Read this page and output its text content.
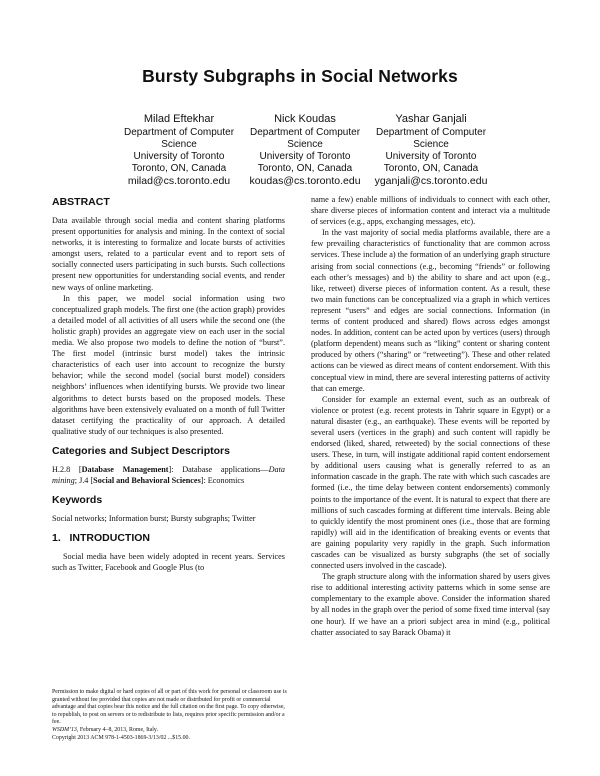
Bursty Subgraphs in Social Networks
Milad Eftekhar
Department of Computer
Science
University of Toronto
Toronto, ON, Canada
milad@cs.toronto.edu
Nick Koudas
Department of Computer
Science
University of Toronto
Toronto, ON, Canada
koudas@cs.toronto.edu
Yashar Ganjali
Department of Computer
Science
University of Toronto
Toronto, ON, Canada
yganjali@cs.toronto.edu
ABSTRACT

Data available through social media and content sharing platforms present opportunities for analysis and mining. In the context of social networks, it is interesting to formalize and locate bursts of activities amongst users, related to a particular event and to report sets of socially connected users participating in such bursts. Such collections present new opportunities for understanding social events, and render new ways of online marketing.

In this paper, we model social information using two conceptualized graph models. The first one (the action graph) provides a detailed model of all activities of all users while the second one (the holistic graph) provides an aggregate view on each user in the social media. We also propose two models to define the notion of “burst”. The first model (intrinsic burst model) takes the intrinsic characteristics of each user into account to recognize the bursty behavior; while the second model (social burst model) considers neighbors’ influences when identifying bursts. We provide two linear algorithms to detect bursts based on the proposed models. These algorithms have been extensively evaluated on a month of full Twitter dataset certifying the practicality of our approach. A detailed qualitative study of our techniques is also presented.

Categories and Subject Descriptors

H.2.8 [Database Management]: Database applications—Data mining; J.4 [Social and Behavioral Sciences]: Economics

Keywords

Social networks; Information burst; Bursty subgraphs; Twitter

1.   INTRODUCTION

Social media have been widely adopted in recent years. Services such as Twitter, Facebook and Google Plus (to

Permission to make digital or hard copies of all or part of this work for personal or classroom use is granted without fee provided that copies are not made or distributed for profit or commercial advantage and that copies bear this notice and the full citation on the first page. To copy otherwise, to republish, to post on servers or to redistribute to lists, requires prior specific permission and/or a fee.

WSDM’13, February 4–8, 2013, Rome, Italy.

Copyright 2013 ACM 978-1-4503-1869-3/13/02 ...$15.00.

name a few) enable millions of individuals to connect with each other, share diverse pieces of information content and interact via a multitude of services (e.g., apps, exchanging messages, etc).

In the vast majority of social media platforms available, there are a few prevailing characteristics of functionality that are common across services. These include a) the formation of an underlying graph structure arising from social connections (e.g., becoming “friends” or following each other’s messages) and b) the ability to share and act upon (e.g., like, retweet) diverse pieces of information content. As a result, these two main functions can be conceptualized via a graph in which vertices represent “users” and edges are social connections. Information (in terms of content produced and shared) flows across edges amongst nodes. In addition, content can be acted upon by vertices (users) through (platform dependent) means such as “liking” content or sharing content produced by others (“sharing” or “retweeting”). These and other related actions can be viewed as direct means of content endorsement. With this conceptual view in mind, there are several interesting patterns of activity that can emerge.

Consider for example an external event, such as an outbreak of violence or protest (e.g. recent protests in Tahrir square in Egypt) or a natural disaster (e.g., an earthquake). These events will be reported by several users (vertices in the graph) and such content will rapidly be endorsed (liked, shared, retweeted) by the social connections of these users. These, in turn, will instigate additional rapid content endorsement by additional users causing what is generally referred to as an information cascade in the graph. The rate with which such cascades are formed (i.e., the time delay between content endorsements) commonly points to the importance of the event. It is natural to expect that there are millions of such cascades forming at different time intervals. Being able to quickly identify the most prominent ones (i.e., those that are forming rapidly) will aid in the identification of breaking events or events that are gaining popularity very rapidly in the graph. Such information cascades can be visualized as bursty subgraphs (the set of socially connected users involved in the cascade).

The graph structure along with the information shared by users gives rise to additional interesting activity patterns which in some sense are complementary to the example above. Consider the information shared by all nodes in the graph over the period of some fixed time interval (say one hour). If we have an a priori subject area in mind (e.g., political chatter associated to say Barack Obama) it
